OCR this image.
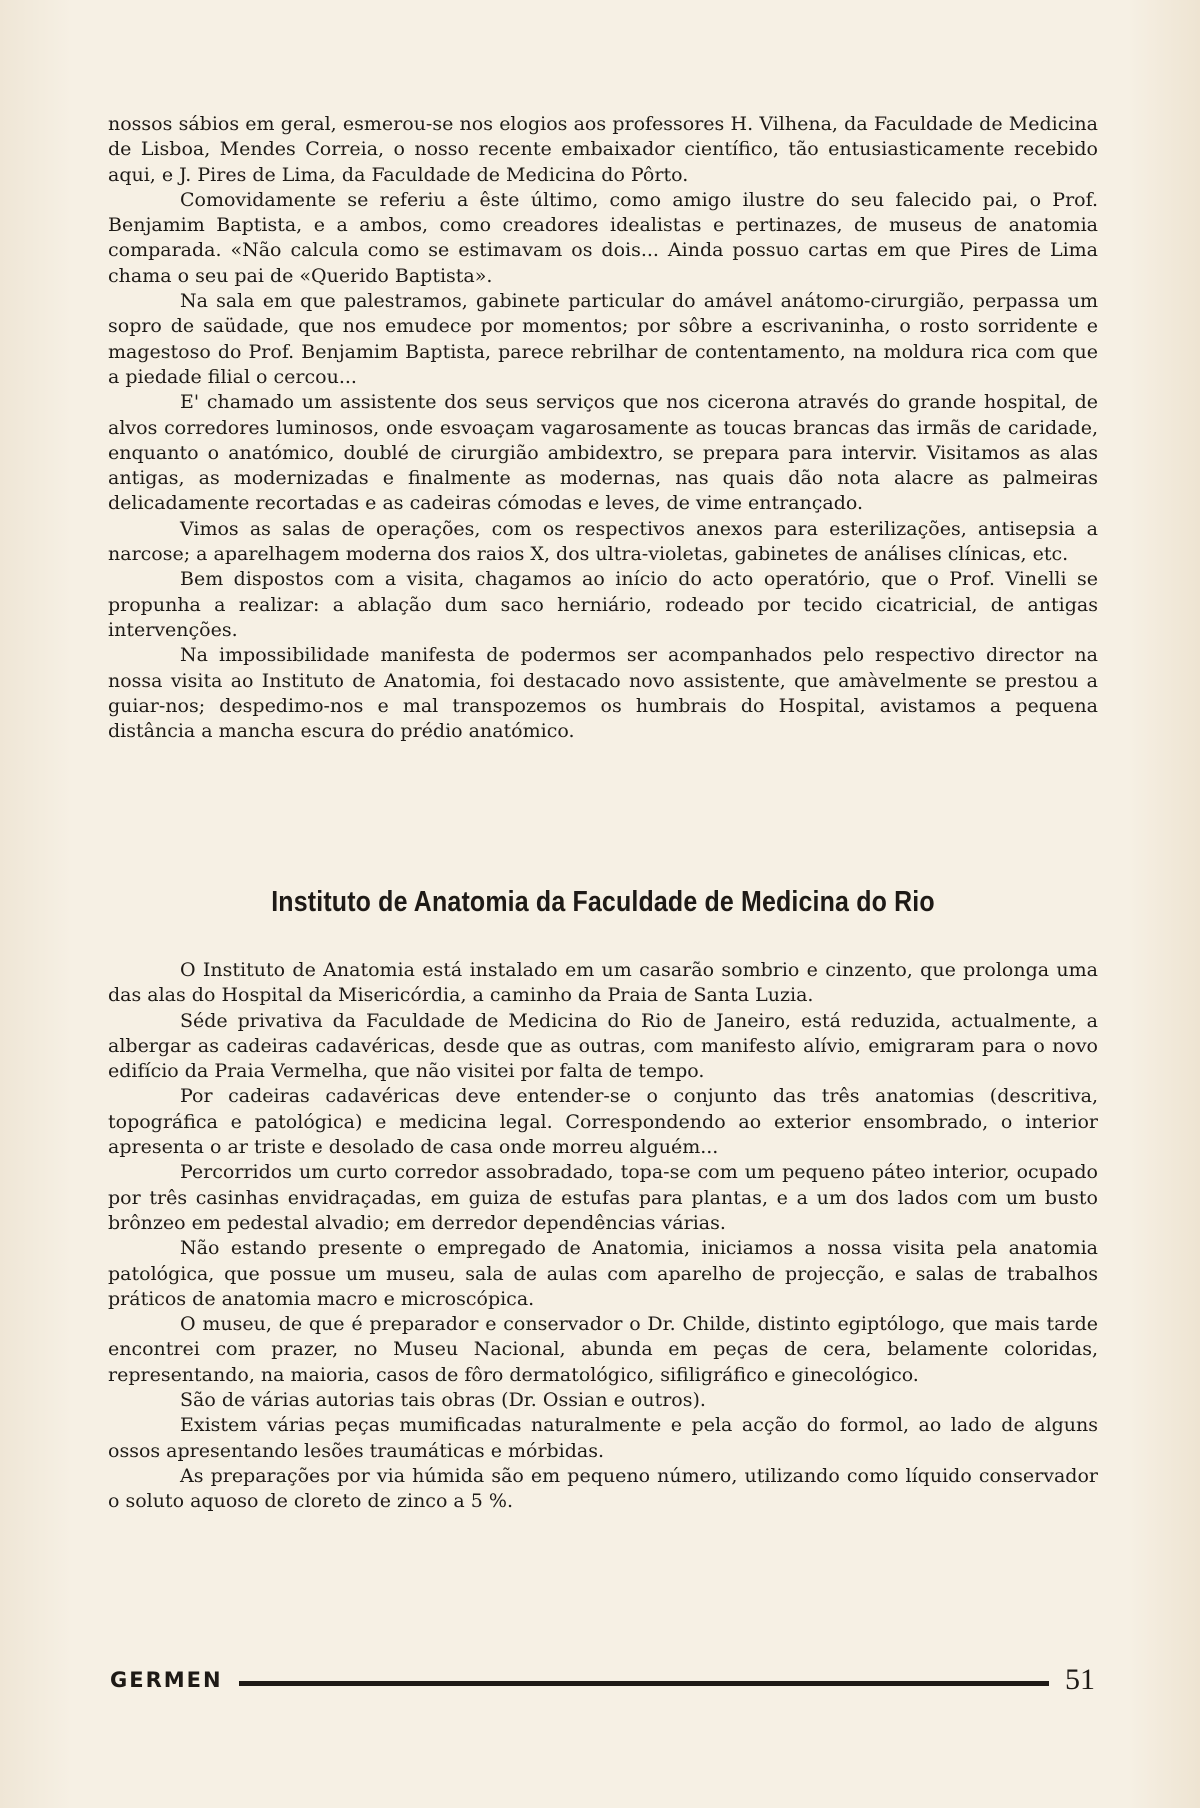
nossos sábios em geral, esmerou-se nos elogios aos professores H. Vilhena, da Faculdade de Medicina de Lisboa, Mendes Correia, o nosso recente embaixador científico, tão entusiasticamente recebido aqui, e J. Pires de Lima, da Faculdade de Medicina do Pôrto.

Comovidamente se referiu a êste último, como amigo ilustre do seu falecido pai, o Prof. Benjamim Baptista, e a ambos, como creadores idealistas e pertinazes, de museus de anatomia comparada. «Não calcula como se estimavam os dois... Ainda possuo cartas em que Pires de Lima chama o seu pai de «Querido Baptista».

Na sala em que palestramos, gabinete particular do amável anátomo-cirurgião, perpassa um sopro de saüdade, que nos emudece por momentos; por sôbre a escrivaninha, o rosto sorridente e magestoso do Prof. Benjamim Baptista, parece rebrilhar de contentamento, na moldura rica com que a piedade filial o cercou...

E' chamado um assistente dos seus serviços que nos cicerona através do grande hospital, de alvos corredores luminosos, onde esvoaçam vagarosamente as toucas brancas das irmãs de caridade, enquanto o anatómico, doublé de cirurgião ambidextro, se prepara para intervir. Visitamos as alas antigas, as modernizadas e finalmente as modernas, nas quais dão nota alacre as palmeiras delicadamente recortadas e as cadeiras cómodas e leves, de vime entrançado.

Vimos as salas de operações, com os respectivos anexos para esterilizações, antisepsia a narcose; a aparelhagem moderna dos raios X, dos ultra-violetas, gabinetes de análises clínicas, etc.

Bem dispostos com a visita, chagamos ao início do acto operatório, que o Prof. Vinelli se propunha a realizar: a ablação dum saco herniário, rodeado por tecido cicatricial, de antigas intervenções.

Na impossibilidade manifesta de podermos ser acompanhados pelo respectivo director na nossa visita ao Instituto de Anatomia, foi destacado novo assistente, que amàvelmente se prestou a guiar-nos; despedimo-nos e mal transpozemos os humbrais do Hospital, avistamos a pequena distância a mancha escura do prédio anatómico.

Instituto de Anatomia da Faculdade de Medicina do Rio

O Instituto de Anatomia está instalado em um casarão sombrio e cinzento, que prolonga uma das alas do Hospital da Misericórdia, a caminho da Praia de Santa Luzia.

Séde privativa da Faculdade de Medicina do Rio de Janeiro, está reduzida, actualmente, a albergar as cadeiras cadavéricas, desde que as outras, com manifesto alívio, emigraram para o novo edifício da Praia Vermelha, que não visitei por falta de tempo.

Por cadeiras cadavéricas deve entender-se o conjunto das três anatomias (descritiva, topográfica e patológica) e medicina legal. Correspondendo ao exterior ensombrado, o interior apresenta o ar triste e desolado de casa onde morreu alguém...

Percorridos um curto corredor assobradado, topa-se com um pequeno páteo interior, ocupado por três casinhas envidraçadas, em guiza de estufas para plantas, e a um dos lados com um busto brônzeo em pedestal alvadio; em derredor dependências várias.

Não estando presente o empregado de Anatomia, iniciamos a nossa visita pela anatomia patológica, que possue um museu, sala de aulas com aparelho de projecção, e salas de trabalhos práticos de anatomia macro e microscópica.

O museu, de que é preparador e conservador o Dr. Childe, distinto egiptólogo, que mais tarde encontrei com prazer, no Museu Nacional, abunda em peças de cera, belamente coloridas, representando, na maioria, casos de fôro dermatológico, sifiligráfico e ginecológico.

São de várias autorias tais obras (Dr. Ossian e outros).

Existem várias peças mumificadas naturalmente e pela acção do formol, ao lado de alguns ossos apresentando lesões traumáticas e mórbidas.

As preparações por via húmida são em pequeno número, utilizando como líquido conservador o soluto aquoso de cloreto de zinco a 5 %.

GERMEN	51
